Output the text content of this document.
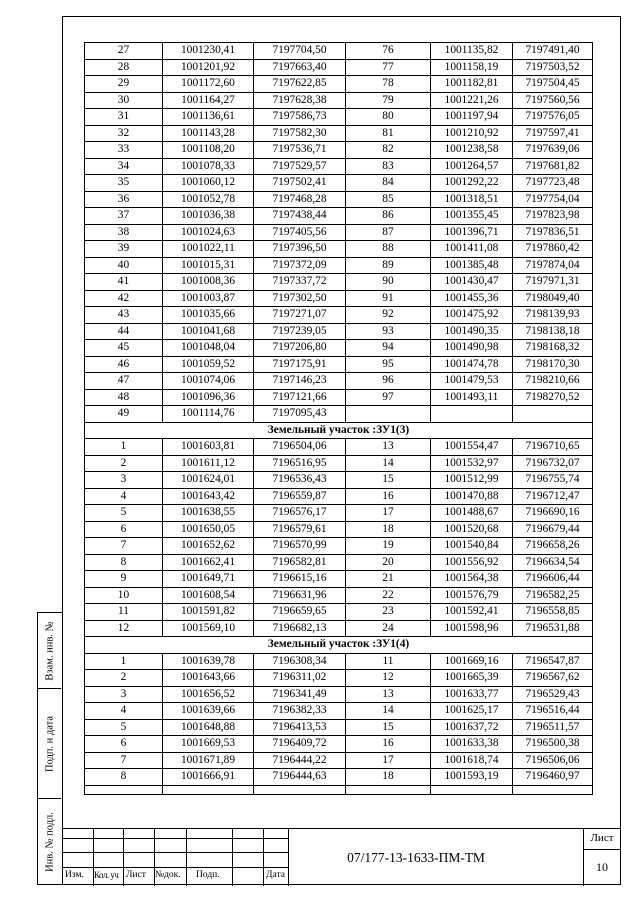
Взам. инв. №
Подп. и дата
Инв. № подл.
27	1001230,41	7197704,50	76	1001135,82	7197491,40
28	1001201,92	7197663,40	77	1001158,19	7197503,52
29	1001172,60	7197622,85	78	1001182,81	7197504,45
30	1001164,27	7197628,38	79	1001221,26	7197560,56
31	1001136,61	7197586,73	80	1001197,94	7197576,05
32	1001143,28	7197582,30	81	1001210,92	7197597,41
33	1001108,20	7197536,71	82	1001238,58	7197639,06
34	1001078,33	7197529,57	83	1001264,57	7197681,82
35	1001060,12	7197502,41	84	1001292,22	7197723,48
36	1001052,78	7197468,28	85	1001318,51	7197754,04
37	1001036,38	7197438,44	86	1001355,45	7197823,98
38	1001024,63	7197405,56	87	1001396,71	7197836,51
39	1001022,11	7197396,50	88	1001411,08	7197860,42
40	1001015,31	7197372,09	89	1001385,48	7197874,04
41	1001008,36	7197337,72	90	1001430,47	7197971,31
42	1001003,87	7197302,50	91	1001455,36	7198049,40
43	1001035,66	7197271,07	92	1001475,92	7198139,93
44	1001041,68	7197239,05	93	1001490,35	7198138,18
45	1001048,04	7197206,80	94	1001490,98	7198168,32
46	1001059,52	7197175,91	95	1001474,78	7198170,30
47	1001074,06	7197146,23	96	1001479,53	7198210,66
48	1001096,36	7197121,66	97	1001493,11	7198270,52
49	1001114,76	7197095,43			
Земельный участок :ЗУ1(3)					
1	1001603,81	7196504,06	13	1001554,47	7196710,65
2	1001611,12	7196516,95	14	1001532,97	7196732,07
3	1001624,01	7196536,43	15	1001512,99	7196755,74
4	1001643,42	7196559,87	16	1001470,88	7196712,47
5	1001638,55	7196576,17	17	1001488,67	7196690,16
6	1001650,05	7196579,61	18	1001520,68	7196679,44
7	1001652,62	7196570,99	19	1001540,84	7196658,26
8	1001662,41	7196582,81	20	1001556,92	7196634,54
9	1001649,71	7196615,16	21	1001564,38	7196606,44
10	1001608,54	7196631,96	22	1001576,79	7196582,25
11	1001591,82	7196659,65	23	1001592,41	7196558,85
12	1001569,10	7196682,13	24	1001598,96	7196531,88
Земельный участок :ЗУ1(4)					
1	1001639,78	7196308,34	11	1001669,16	7196547,87
2	1001643,66	7196311,02	12	1001665,39	7196567,62
3	1001656,52	7196341,49	13	1001633,77	7196529,43
4	1001639,66	7196382,33	14	1001625,17	7196516,44
5	1001648,88	7196413,53	15	1001637,72	7196511,57
6	1001669,53	7196409,72	16	1001633,38	7196500,38
7	1001671,89	7196444,22	17	1001618,74	7196506,06
8	1001666,91	7196444,63	18	1001593,19	7196460,97

Изм. Кол. уч Лист №док. Подп.	Дата
07/177-13-1633-ПМ-ТМ
Лист
10
